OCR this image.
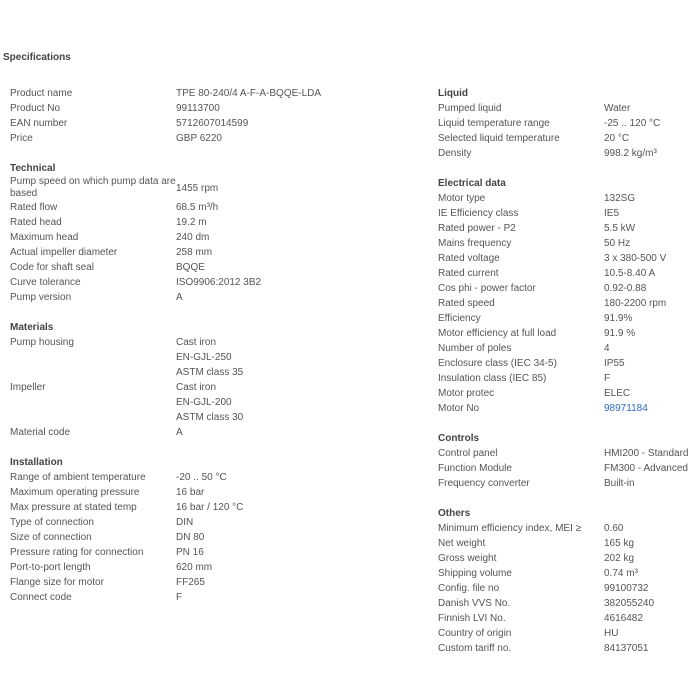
Specifications
Product name	TPE 80-240/4 A-F-A-BQQE-LDA
Product No	99113700
EAN number	5712607014599
Price	GBP 6220
Technical
Pump speed on which pump data are based	1455 rpm
Rated flow	68.5 m³/h
Rated head	19.2 m
Maximum head	240 dm
Actual impeller diameter	258 mm
Code for shaft seal	BQQE
Curve tolerance	ISO9906:2012 3B2
Pump version	A
Materials
Pump housing	Cast iron
EN-GJL-250
ASTM class 35
Impeller	Cast iron
EN-GJL-200
ASTM class 30
Material code	A
Installation
Range of ambient temperature	-20 .. 50 °C
Maximum operating pressure	16 bar
Max pressure at stated temp	16 bar / 120 °C
Type of connection	DIN
Size of connection	DN 80
Pressure rating for connection	PN 16
Port-to-port length	620 mm
Flange size for motor	FF265
Connect code	F
Liquid
Pumped liquid	Water
Liquid temperature range	-25 .. 120 °C
Selected liquid temperature	20 °C
Density	998.2 kg/m³
Electrical data
Motor type	132SG
IE Efficiency class	IE5
Rated power - P2	5.5 kW
Mains frequency	50 Hz
Rated voltage	3 x 380-500 V
Rated current	10.5-8.40 A
Cos phi - power factor	0.92-0.88
Rated speed	180-2200 rpm
Efficiency	91.9%
Motor efficiency at full load	91.9 %
Number of poles	4
Enclosure class (IEC 34-5)	IP55
Insulation class (IEC 85)	F
Motor protec	ELEC
Motor No	98971184
Controls
Control panel	HMI200 - Standard
Function Module	FM300 - Advanced
Frequency converter	Built-in
Others
Minimum efficiency index, MEI ≥	0.60
Net weight	165 kg
Gross weight	202 kg
Shipping volume	0.74 m³
Config. file no	99100732
Danish VVS No.	382055240
Finnish LVI No.	4616482
Country of origin	HU
Custom tariff no.	84137051
